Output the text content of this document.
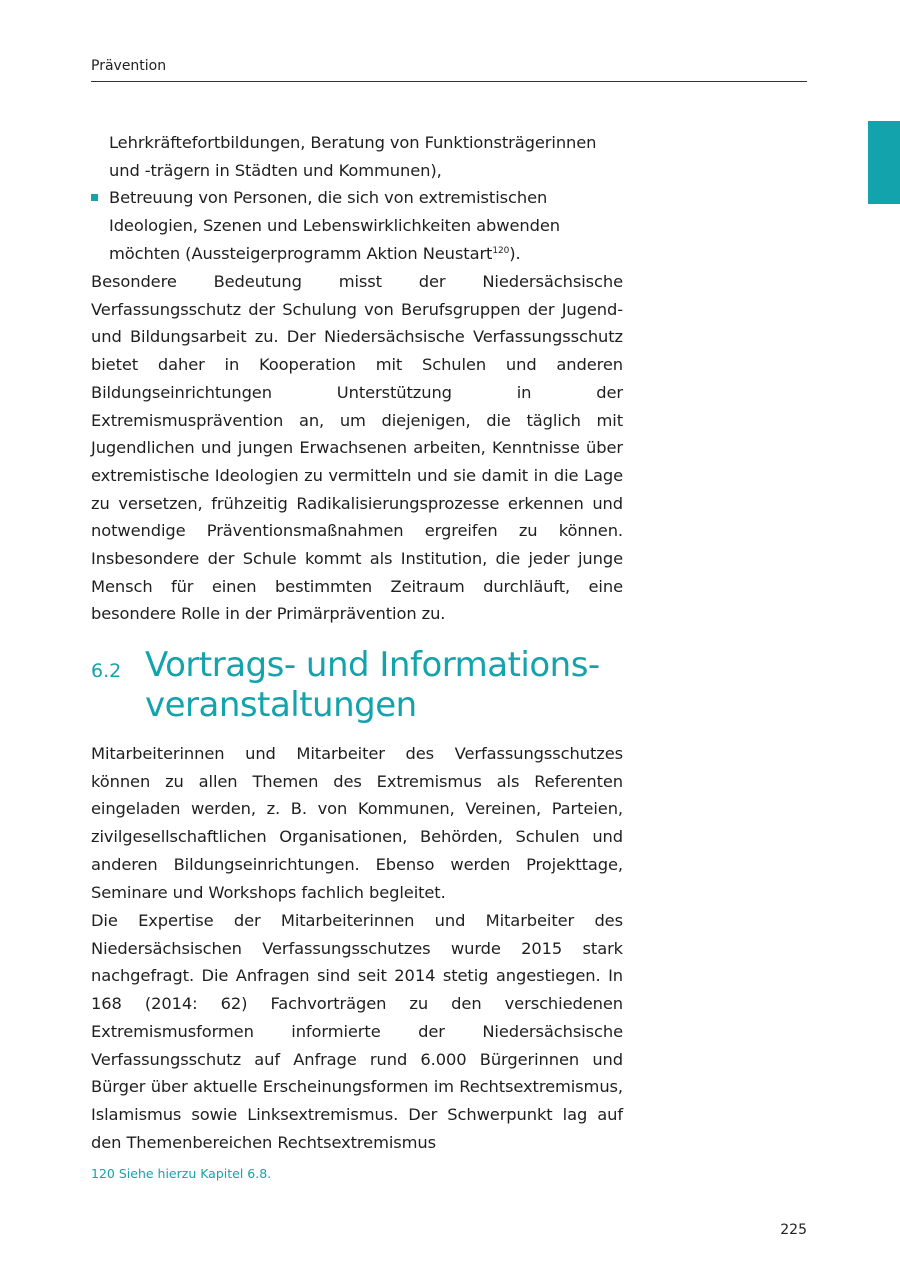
Prävention
Lehrkräftefortbildungen, Beratung von Funktionsträgerinnen und -trägern in Städten und Kommunen),
Betreuung von Personen, die sich von extremistischen Ideologien, Szenen und Lebenswirklichkeiten abwenden möchten (Aussteigerprogramm Aktion Neustart$^{120}$).

Besondere Bedeutung misst der Niedersächsische Verfassungsschutz der Schulung von Berufsgruppen der Jugend- und Bildungsarbeit zu. Der Niedersächsische Verfassungsschutz bietet daher in Kooperation mit Schulen und anderen Bildungseinrichtungen Unterstützung in der Extremismusprävention an, um diejenigen, die täglich mit Jugendlichen und jungen Erwachsenen arbeiten, Kenntnisse über extremistische Ideologien zu vermitteln und sie damit in die Lage zu versetzen, frühzeitig Radikalisierungsprozesse erkennen und notwendige Präventionsmaßnahmen ergreifen zu können. Insbesondere der Schule kommt als Institution, die jeder junge Mensch für einen bestimmten Zeitraum durchläuft, eine besondere Rolle in der Primärprävention zu.

6.2 Vortrags- und Informations-
veranstaltungen

Mitarbeiterinnen und Mitarbeiter des Verfassungsschutzes können zu allen Themen des Extremismus als Referenten eingeladen werden, z. B. von Kommunen, Vereinen, Parteien, zivilgesellschaftlichen Organisationen, Behörden, Schulen und anderen Bildungseinrichtungen. Ebenso werden Projekttage, Seminare und Workshops fachlich begleitet.

Die Expertise der Mitarbeiterinnen und Mitarbeiter des Niedersächsischen Verfassungsschutzes wurde 2015 stark nachgefragt. Die Anfragen sind seit 2014 stetig angestiegen. In 168 (2014: 62) Fachvorträgen zu den verschiedenen Extremismusformen informierte der Niedersächsische Verfassungsschutz auf Anfrage rund 6.000 Bürgerinnen und Bürger über aktuelle Erscheinungsformen im Rechtsextremismus, Islamismus sowie Linksextremismus. Der Schwerpunkt lag auf den Themenbereichen Rechtsextremismus

120 Siehe hierzu Kapitel 6.8.
225
